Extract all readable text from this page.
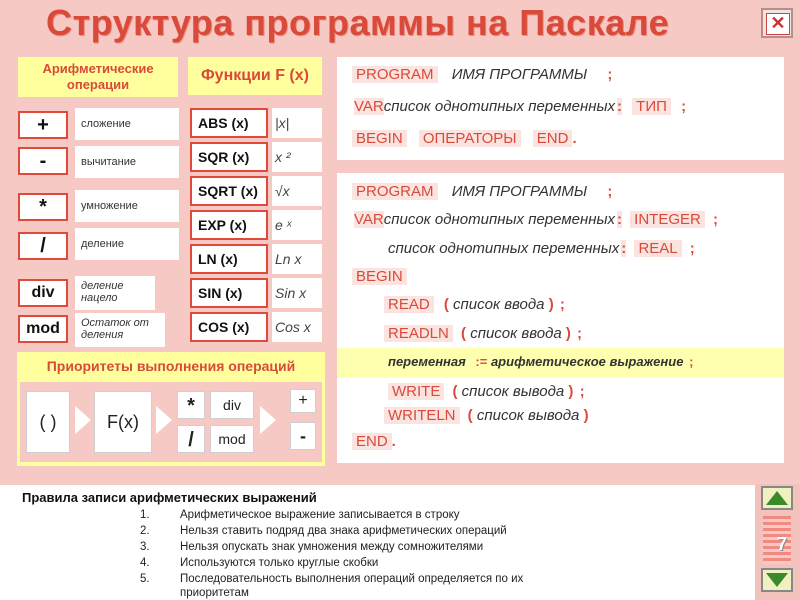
Структура программы на Паскале	✕
Арифметические операции
+	сложение
-	вычитание
*	умножение
/	деление
div	деление нацело
mod	Остаток от деления
Функции F (x)
ABS (x)	|x|
SQR (x)	x ²
SQRT (x)	√x
EXP (x)	e ˣ
LN (x)	Ln x
SIN (x)	Sin x
COS (x)	Cos x
Приоритеты выполнения операций
( )	F(x)
*	div
/	mod
+
-
PROGRAM ИМЯ ПРОГРАММЫ ;
VARсписок однотипных переменных : ТИП ;
BEGIN ОПЕРАТОРЫ END .
PROGRAM ИМЯ ПРОГРАММЫ ;
VARсписок однотипных переменных : INTEGER ;
список однотипных переменных : REAL ;
BEGIN
READ ( список ввода ) ;
READLN ( список ввода ) ;
переменная := арифметическое выражение ;
WRITE ( список вывода ) ;
WRITELN ( список вывода )
END .
Правила записи арифметических выражений
1.	Арифметическое выражение записывается в строку
2.	Нельзя ставить подряд два знака арифметических операций
3.	Нельзя опускать знак умножения между сомножителями
4.	Используются только круглые скобки
5.	Последовательность выполнения операций определяется по их
приоритетам
7
